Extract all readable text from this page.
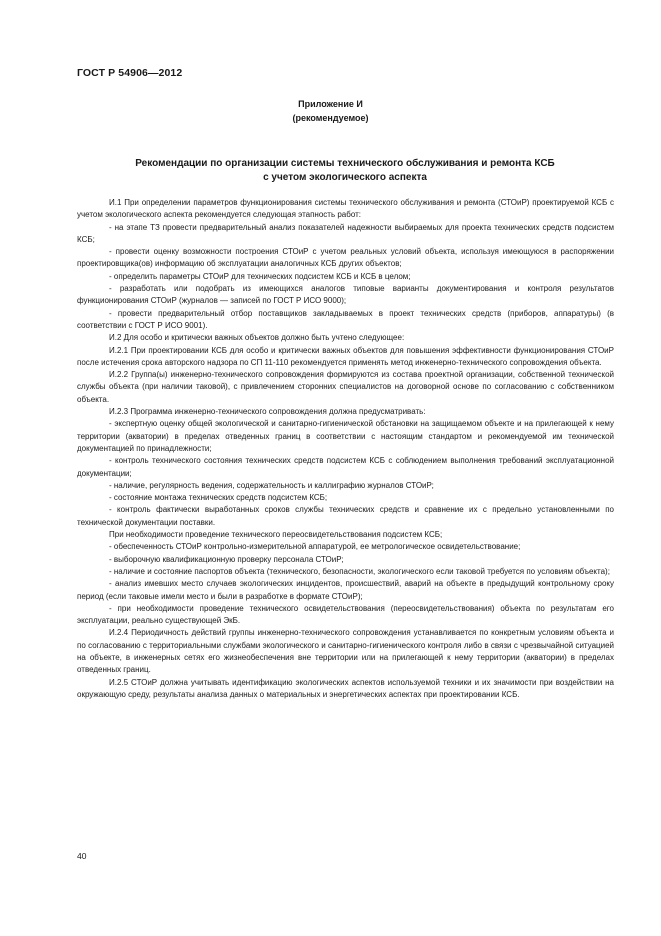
ГОСТ Р 54906—2012
Приложение И
(рекомендуемое)
Рекомендации по организации системы технического обслуживания и ремонта КСБ
с учетом экологического аспекта

И.1 При определении параметров функционирования системы технического обслуживания и ремонта (СТОиР) проектируемой КСБ с учетом экологического аспекта рекомендуется следующая этапность работ:

- на этапе ТЗ провести предварительный анализ показателей надежности выбираемых для проекта технических средств подсистем КСБ;

- провести оценку возможности построения СТОиР с учетом реальных условий объекта, используя имеющуюся в распоряжении проектировщика(ов) информацию об эксплуатации аналогичных КСБ других объектов;

- определить параметры СТОиР для технических подсистем КСБ и КСБ в целом;

- разработать или подобрать из имеющихся аналогов типовые варианты документирования и контроля результатов функционирования СТОиР (журналов — записей по ГОСТ Р ИСО 9000);

- провести предварительный отбор поставщиков закладываемых в проект технических средств (приборов, аппаратуры) (в соответствии с ГОСТ Р ИСО 9001).

И.2 Для особо и критически важных объектов должно быть учтено следующее:

И.2.1 При проектировании КСБ для особо и критически важных объектов для повышения эффективности функционирования СТОиР после истечения срока авторского надзора по СП 11-110 рекомендуется применять метод инженерно-технического сопровождения объекта.

И.2.2 Группа(ы) инженерно-технического сопровождения формируются из состава проектной организации, собственной технической службы объекта (при наличии таковой), с привлечением сторонних специалистов на договорной основе по согласованию с собственником объекта.

И.2.3 Программа инженерно-технического сопровождения должна предусматривать:

- экспертную оценку общей экологической и санитарно-гигиенической обстановки на защищаемом объекте и на прилегающей к нему территории (акватории) в пределах отведенных границ в соответствии с настоящим стандартом и рекомендуемой им технической документацией по принадлежности;

- контроль технического состояния технических средств подсистем КСБ с соблюдением выполнения требований эксплуатационной документации;

- наличие, регулярность ведения, содержательность и каллиграфию журналов СТОиР;

- состояние монтажа технических средств подсистем КСБ;

- контроль фактически выработанных сроков службы технических средств и сравнение их с предельно установленными по технической документации поставки.

При необходимости проведение технического переосвидетельствования подсистем КСБ;

- обеспеченность СТОиР контрольно-измерительной аппаратурой, ее метрологическое освидетельствование;

- выборочную квалификационную проверку персонала СТОиР;

- наличие и состояние паспортов объекта (технического, безопасности, экологического если таковой требуется по условиям объекта);

- анализ имевших место случаев экологических инцидентов, происшествий, аварий на объекте в предыдущий контрольному сроку период (если таковые имели место и были в разработке в формате СТОиР);

- при необходимости проведение технического освидетельствования (переосвидетельствования) объекта по результатам его эксплуатации, реально существующей ЭкБ.

И.2.4 Периодичность действий группы инженерно-технического сопровождения устанавливается по конкретным условиям объекта и по согласованию с территориальными службами экологического и санитарно-гигиенического контроля либо в связи с чрезвычайной ситуацией на объекте, в инженерных сетях его жизнеобеспечения вне территории или на прилегающей к нему территории (акватории) в пределах отведенных границ.

И.2.5 СТОиР должна учитывать идентификацию экологических аспектов используемой техники и их значимости при воздействии на окружающую среду, результаты анализа данных о материальных и энергетических аспектах при проектировании КСБ.

40
